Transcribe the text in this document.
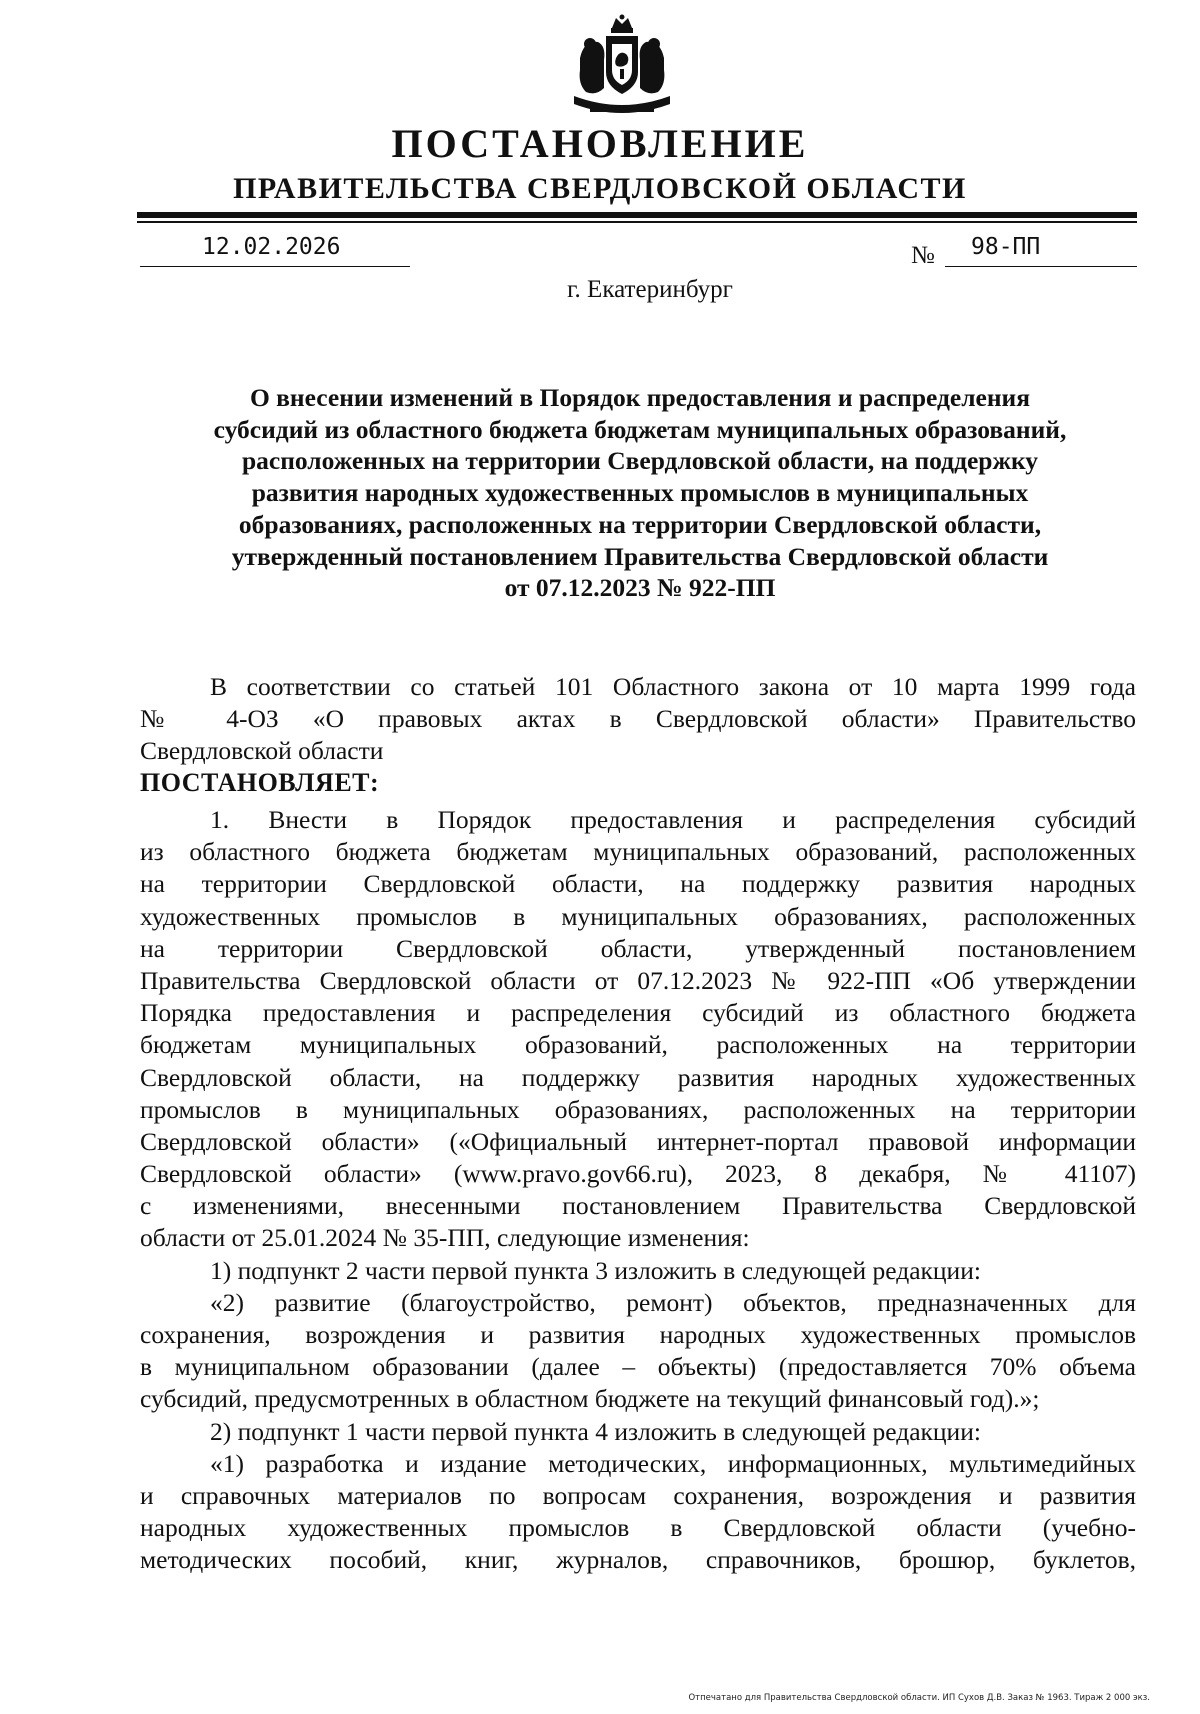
ПОСТАНОВЛЕНИЕ
ПРАВИТЕЛЬСТВА СВЕРДЛОВСКОЙ ОБЛАСТИ
12.02.2026	№ 98-ПП
г. Екатеринбург
О внесении изменений в Порядок предоставления и распределения
субсидий из областного бюджета бюджетам муниципальных образований,
расположенных на территории Свердловской области, на поддержку
развития народных художественных промыслов в муниципальных
образованиях, расположенных на территории Свердловской области,
утвержденный постановлением Правительства Свердловской области
от 07.12.2023 № 922-ПП
В соответствии со статьей 101 Областного закона от 10 марта 1999 года
№ 4-ОЗ «О правовых актах в Свердловской области» Правительство
Свердловской области
ПОСТАНОВЛЯЕТ:
1. Внести в Порядок предоставления и распределения субсидий
из областного бюджета бюджетам муниципальных образований, расположенных
на территории Свердловской области, на поддержку развития народных
художественных промыслов в муниципальных образованиях, расположенных
на территории Свердловской области, утвержденный постановлением
Правительства Свердловской области от 07.12.2023 № 922-ПП «Об утверждении
Порядка предоставления и распределения субсидий из областного бюджета
бюджетам муниципальных образований, расположенных на территории
Свердловской области, на поддержку развития народных художественных
промыслов в муниципальных образованиях, расположенных на территории
Свердловской области» («Официальный интернет-портал правовой информации
Свердловской области» (www.pravo.gov66.ru), 2023, 8 декабря, № 41107)
с изменениями, внесенными постановлением Правительства Свердловской
области от 25.01.2024 № 35-ПП, следующие изменения:
1) подпункт 2 части первой пункта 3 изложить в следующей редакции:
«2) развитие (благоустройство, ремонт) объектов, предназначенных для
сохранения, возрождения и развития народных художественных промыслов
в муниципальном образовании (далее – объекты) (предоставляется 70% объема
субсидий, предусмотренных в областном бюджете на текущий финансовый год).»;
2) подпункт 1 части первой пункта 4 изложить в следующей редакции:
«1) разработка и издание методических, информационных, мультимедийных
и справочных материалов по вопросам сохранения, возрождения и развития
народных художественных промыслов в Свердловской области (учебно-
методических пособий, книг, журналов, справочников, брошюр, буклетов,
Отпечатано для Правительства Свердловской области. ИП Сухов Д.В. Заказ № 1963. Тираж 2 000 экз.
